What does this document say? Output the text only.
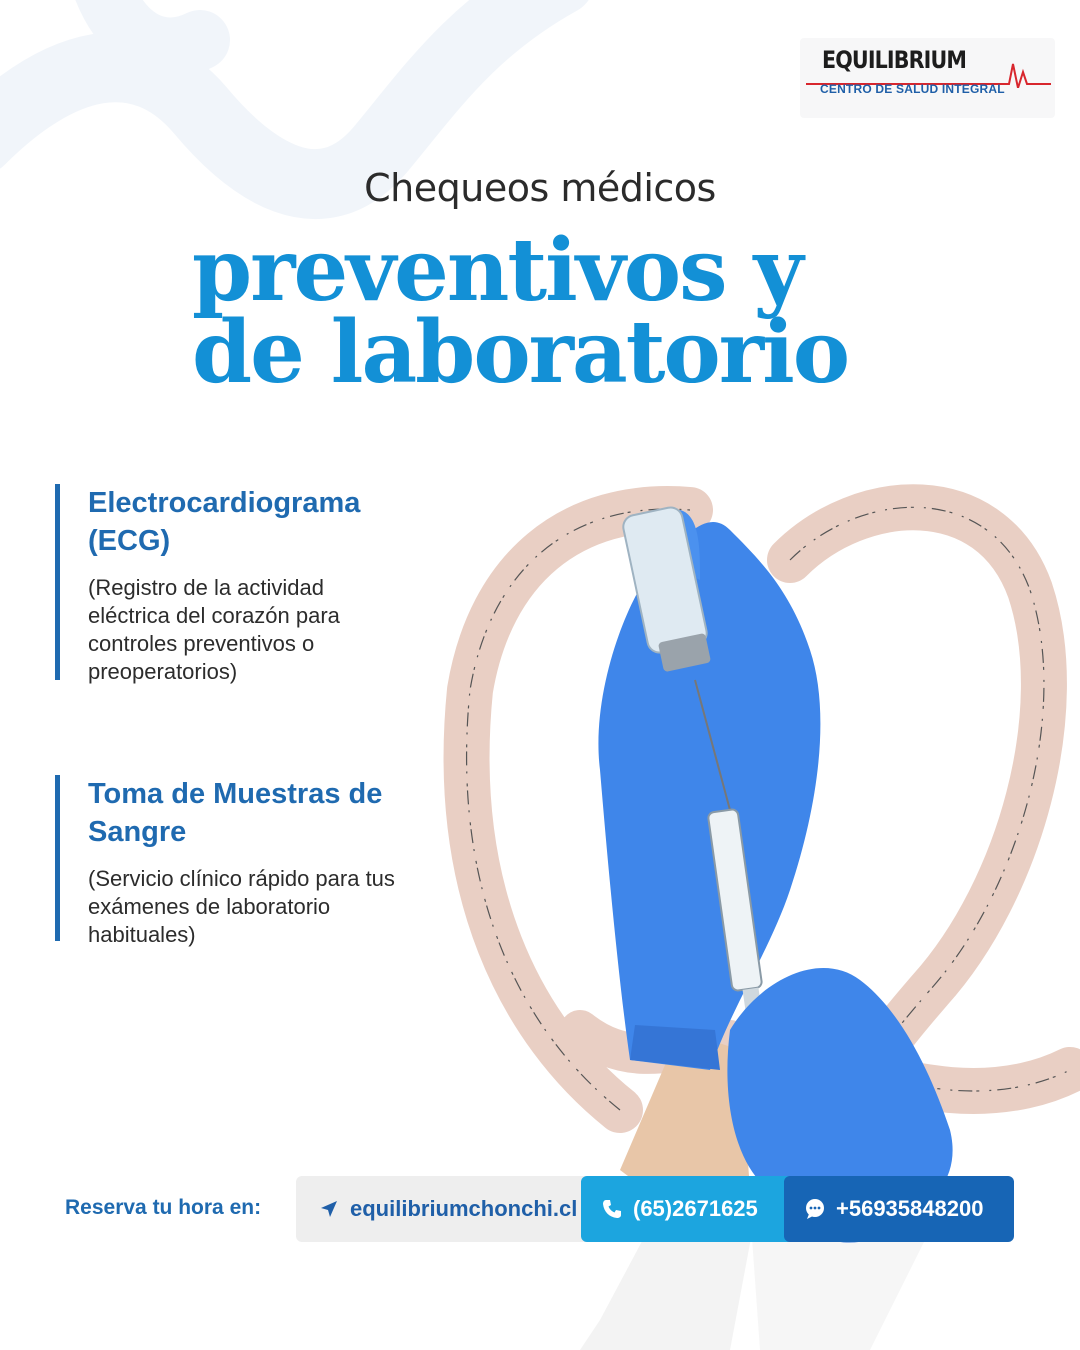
EQUILIBRIUM
CENTRO DE SALUD INTEGRAL
Chequeos médicos
preventivos y
de laboratorio
Electrocardiograma (ECG)
(Registro de la actividad eléctrica del corazón para controles preventivos o preoperatorios)
Toma de Muestras de Sangre
(Servicio clínico rápido para tus exámenes de laboratorio habituales)
Reserva tu hora en:	equilibriumchonchi.cl	(65)2671625	+56935848200
